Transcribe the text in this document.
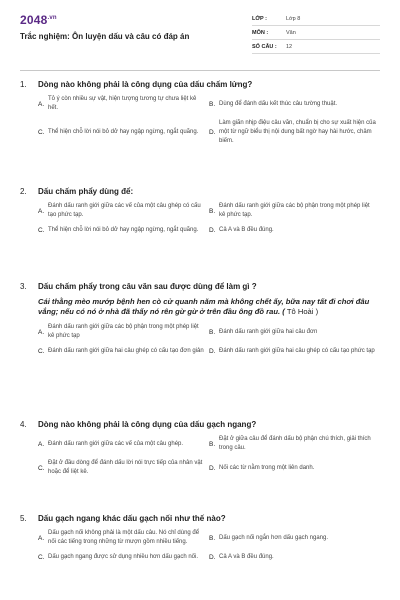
$2048^{.vn}$
Trắc nghiệm: Ôn luyện dấu và câu có đáp án
LỚP :	Lớp 8
MÔN :	Văn
SỐ CÂU :	12
1.	Dòng nào không phải là công dụng của dấu chấm lửng?
A.
Tỏ ý còn nhiều sự vật, hiện tượng tương tự chưa liệt kê hết.
B. Dùng để đánh dấu kết thúc câu tường thuật.
C. Thể hiện chỗ lời nói bỏ dở hay ngập ngừng, ngắt quãng.	D.
Làm giãn nhịp điệu câu văn, chuẩn bị cho sự xuất hiện của một từ ngữ biểu thị nội dung bất ngờ hay hài hước, châm biếm.
2.	Dấu chấm phẩy dùng để:
A.
Đánh dấu ranh giới giữa các vế của một câu ghép có cấu tạo phức tạp.
B.
Đánh dấu ranh giới giữa các bộ phận trong một phép liệt kê phức tạp.
C. Thể hiện chỗ lời nói bỏ dở hay ngập ngừng, ngắt quãng.	D. Cả A và B đều đúng.
3.	Dấu chấm phẩy trong câu văn sau được dùng để làm gì ?
Cái thằng mèo mướp bệnh hen cò cử quanh năm mà không chết ấy, bữa nay tất đi chơi đâu vắng; nếu có nó ở nhà đã thấy nó rên gừ gừ ở trên đầu ông đồ rau. ( Tô Hoài )
A.
Đánh dấu ranh giới giữa các bộ phận trong một phép liệt kê phức tạp
B. Đánh dấu ranh giới giữa hai câu đơn
C. Đánh dấu ranh giới giữa hai câu ghép có cấu tạo đơn giản D. Đánh dấu ranh giới giữa hai câu ghép có cấu tạo phức tạp
4.	Dòng nào không phải là công dụng của dấu gạch ngang?
A. Đánh dấu ranh giới giữa các vế của một câu ghép.	B.
Đặt ở giữa câu để đánh dấu bộ phận chú thích, giải thích trong câu.
C.
Đặt ở đầu dòng để đánh dấu lời nói trực tiếp của nhân vật hoặc để liệt kê.
D. Nối các từ nằm trong một liên danh.
5.	Dấu gạch ngang khác dấu gạch nối như thế nào?
A.
Dấu gạch nối không phải là một dấu câu. Nó chỉ dùng để nối các tiếng trong những từ mượn gồm nhiều tiếng.
B. Dấu gạch nối ngắn hơn dấu gạch ngang.
C. Dấu gạch ngang được sử dụng nhiều hơn dấu gạch nối.	D. Cả A và B đều đúng.
